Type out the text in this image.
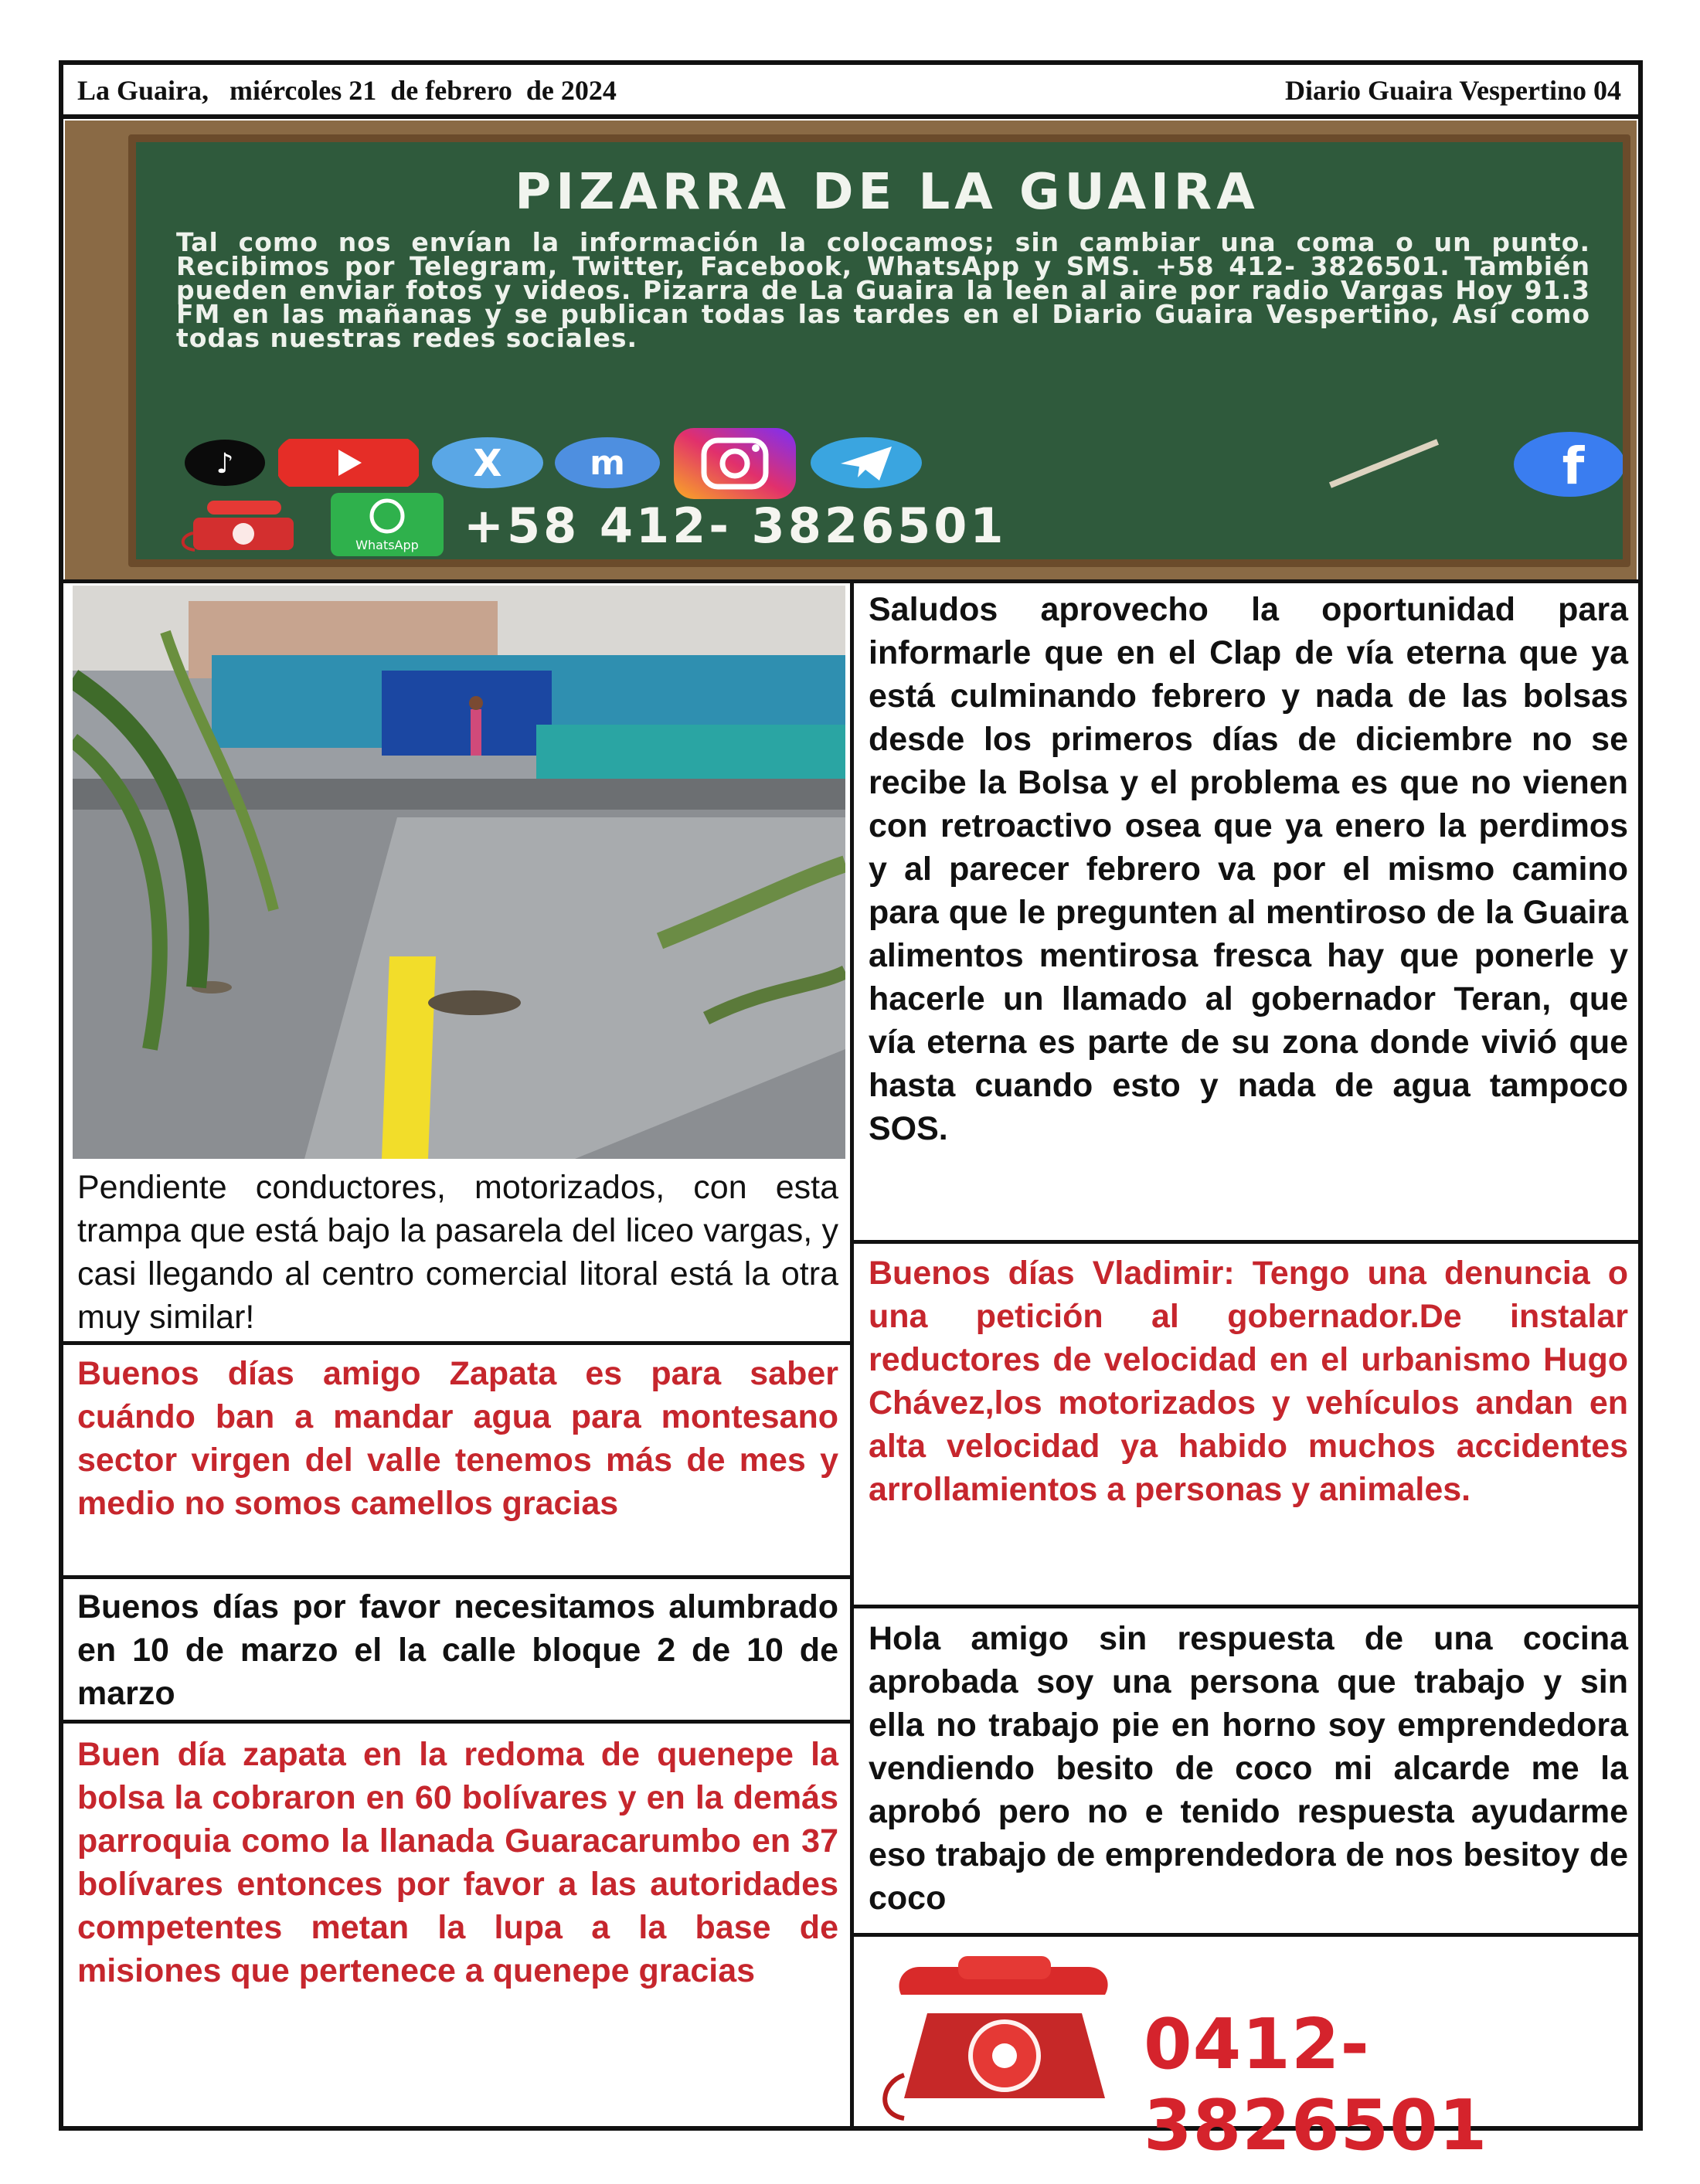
La Guaira,   miércoles 21  de febrero  de 2024	Diario Guaira Vespertino 04
PIZARRA DE LA GUAIRA
Tal como nos envían la información la colocamos; sin cambiar una coma o un punto. Recibimos por Telegram, Twitter, Facebook, WhatsApp y SMS. +58 412- 3826501. También pueden enviar fotos y videos. Pizarra de La Guaira la leen al aire por radio Vargas Hoy 91.3 FM en las mañanas y se publican todas las tardes en el Diario Guaira Vespertino, Así como todas nuestras redes sociales.
♪	X	m	f
WhatsApp +58 412- 3826501
Pendiente conductores, motorizados, con esta trampa que está bajo la pasarela del liceo vargas, y casi llegando al centro comercial litoral está la otra muy similar!
Buenos días amigo Zapata es para saber cuándo ban a mandar agua para montesano sector virgen del valle tenemos más de mes y medio no somos camellos gracias
Buenos días por favor necesitamos alumbrado en 10 de marzo el la calle bloque 2 de 10 de marzo
Buen día zapata en la redoma de quenepe la bolsa la cobraron en 60 bolívares y en la demás parroquia como la llanada Guaracarumbo en 37 bolívares entonces por favor a las autoridades competentes metan la lupa a la base de misiones que pertenece a quenepe gracias
Saludos aprovecho la oportunidad para informarle que en el Clap de vía eterna que ya está culminando febrero y nada de las bolsas desde los primeros días de diciembre no se recibe la Bolsa y el problema es que no vienen con retroactivo osea que ya enero la perdimos y al parecer febrero va por el mismo camino para que le pregunten al mentiroso de la Guaira alimentos mentirosa fresca hay que ponerle y hacerle un llamado al gobernador Teran, que vía eterna es parte de su zona donde vivió que hasta cuando esto y nada de agua tampoco SOS.
Buenos días Vladimir: Tengo una denuncia o una petición al gobernador.De instalar reductores de velocidad en el urbanismo Hugo Chávez,los motorizados y vehículos andan en alta velocidad ya habido muchos accidentes arrollamientos a personas y animales.
Hola amigo sin respuesta de una cocina aprobada soy una persona que trabajo y sin ella no trabajo pie en horno soy emprendedora vendiendo besito de coco mi alcarde me la aprobó pero no e tenido respuesta ayudarme eso trabajo de emprendedora de nos besitoy de coco
0412-3826501
